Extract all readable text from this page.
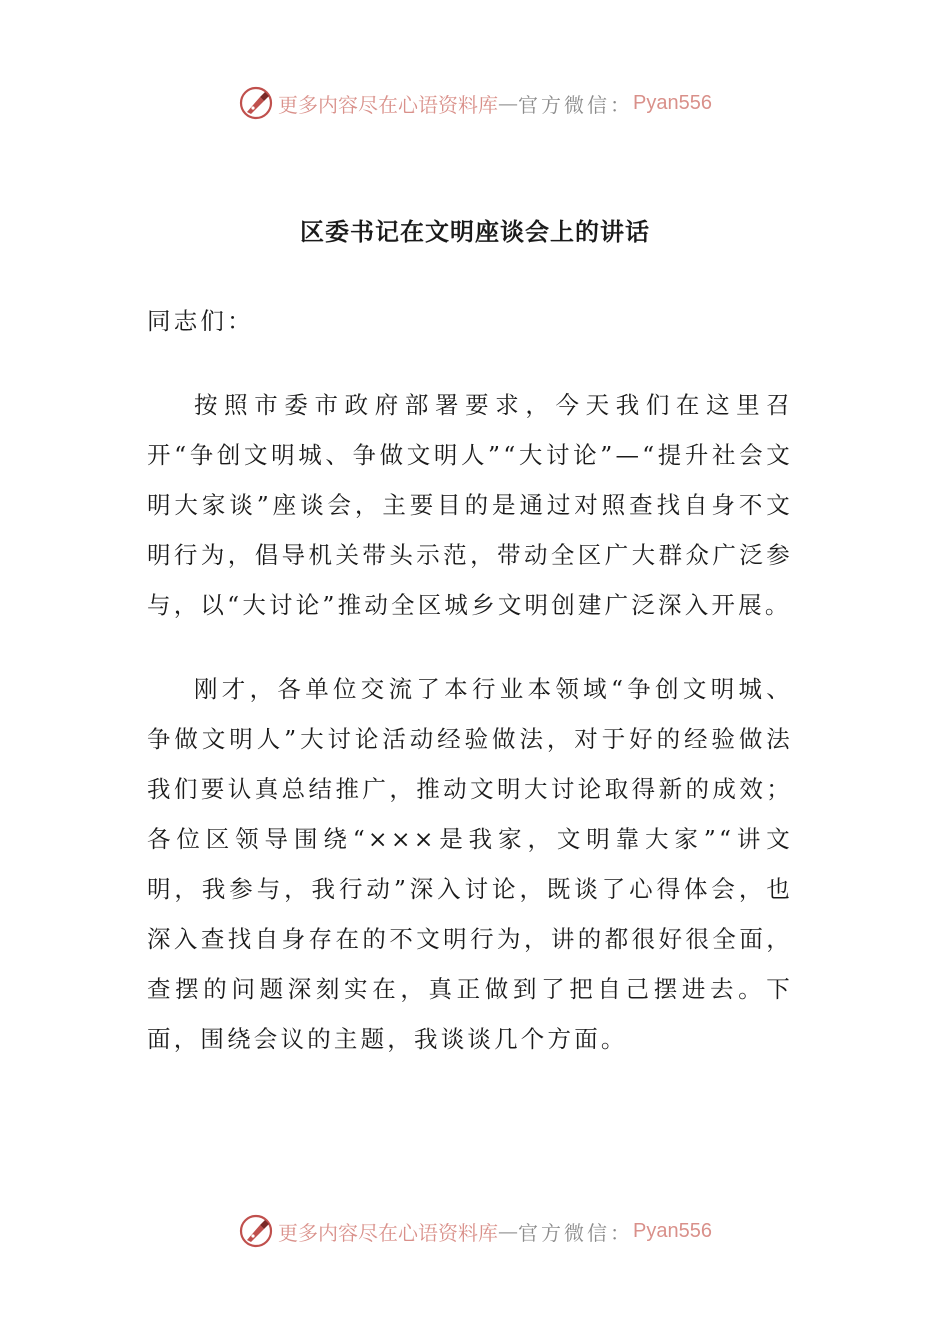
更多内容尽在心语资料库 — 官方微信： Pyan556
区委书记在文明座谈会上的讲话

同志们：

按照市委市政府部署要求，今天我们在这里召开“争创文明城、争做文明人”“大讨论”—“提升社会文明大家谈”座谈会，主要目的是通过对照查找自身不文明行为，倡导机关带头示范，带动全区广大群众广泛参与，以“大讨论”推动全区城乡文明创建广泛深入开展。

刚才，各单位交流了本行业本领域“争创文明城、争做文明人”大讨论活动经验做法，对于好的经验做法我们要认真总结推广，推动文明大讨论取得新的成效；各位区领导围绕“×××是我家，文明靠大家”“讲文明，我参与，我行动”深入讨论，既谈了心得体会，也深入查找自身存在的不文明行为，讲的都很好很全面，查摆的问题深刻实在，真正做到了把自己摆进去。下面，围绕会议的主题，我谈谈几个方面。

更多内容尽在心语资料库 — 官方微信： Pyan556
